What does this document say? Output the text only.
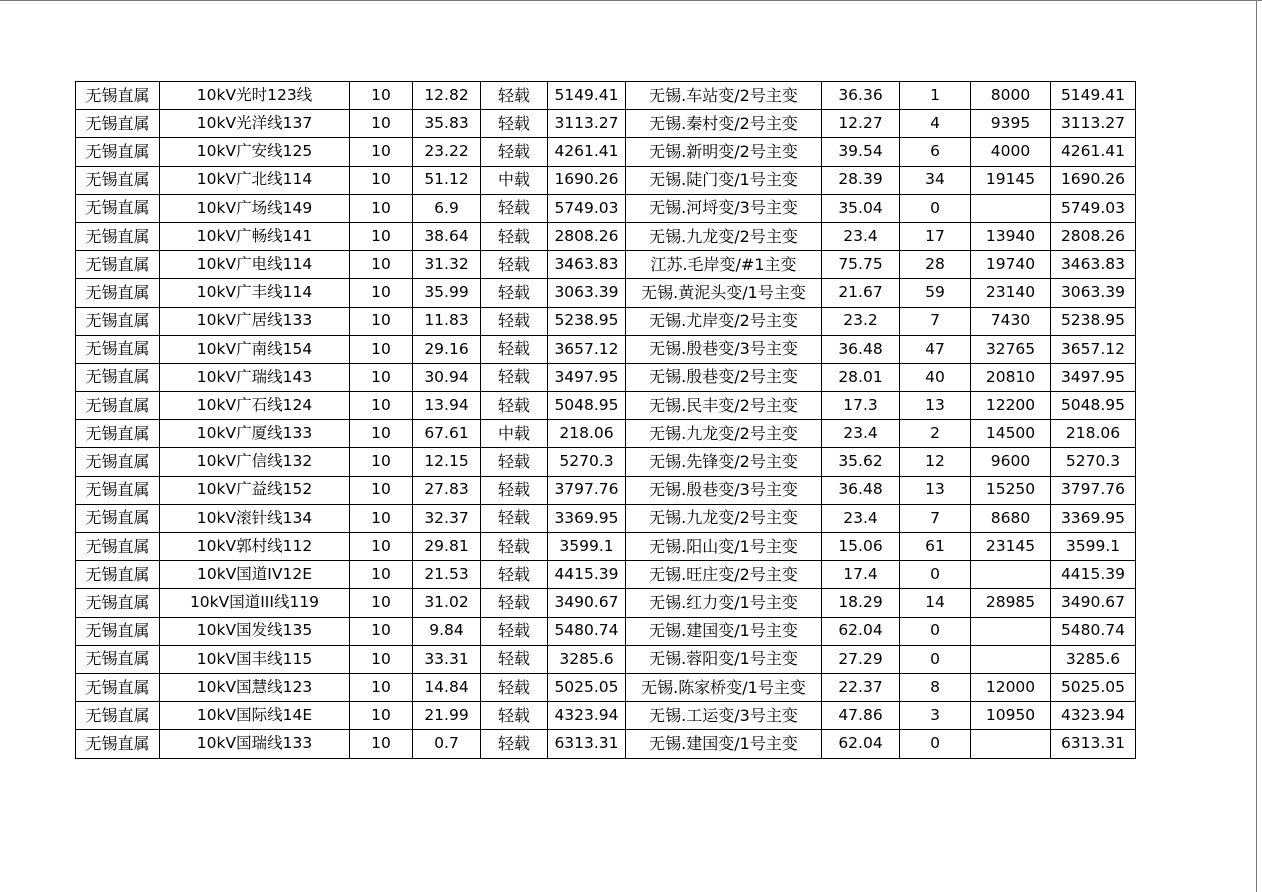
无锡直属	10kV光时123线	10	12.82	轻载	5149.41	无锡.车站变/2号主变	36.36	1	8000	5149.41
无锡直属	10kV光洋线137	10	35.83	轻载	3113.27	无锡.秦村变/2号主变	12.27	4	9395	3113.27
无锡直属	10kV广安线125	10	23.22	轻载	4261.41	无锡.新明变/2号主变	39.54	6	4000	4261.41
无锡直属	10kV广北线114	10	51.12	中载	1690.26	无锡.陡门变/1号主变	28.39	34	19145	1690.26
无锡直属	10kV广场线149	10	6.9	轻载	5749.03	无锡.河埒变/3号主变	35.04	0		5749.03
无锡直属	10kV广畅线141	10	38.64	轻载	2808.26	无锡.九龙变/2号主变	23.4	17	13940	2808.26
无锡直属	10kV广电线114	10	31.32	轻载	3463.83	江苏.毛岸变/#1主变	75.75	28	19740	3463.83
无锡直属	10kV广丰线114	10	35.99	轻载	3063.39	无锡.黄泥头变/1号主变	21.67	59	23140	3063.39
无锡直属	10kV广居线133	10	11.83	轻载	5238.95	无锡.尤岸变/2号主变	23.2	7	7430	5238.95
无锡直属	10kV广南线154	10	29.16	轻载	3657.12	无锡.殷巷变/3号主变	36.48	47	32765	3657.12
无锡直属	10kV广瑞线143	10	30.94	轻载	3497.95	无锡.殷巷变/2号主变	28.01	40	20810	3497.95
无锡直属	10kV广石线124	10	13.94	轻载	5048.95	无锡.民丰变/2号主变	17.3	13	12200	5048.95
无锡直属	10kV广厦线133	10	67.61	中载	218.06	无锡.九龙变/2号主变	23.4	2	14500	218.06
无锡直属	10kV广信线132	10	12.15	轻载	5270.3	无锡.先锋变/2号主变	35.62	12	9600	5270.3
无锡直属	10kV广益线152	10	27.83	轻载	3797.76	无锡.殷巷变/3号主变	36.48	13	15250	3797.76
无锡直属	10kV滚针线134	10	32.37	轻载	3369.95	无锡.九龙变/2号主变	23.4	7	8680	3369.95
无锡直属	10kV郭村线112	10	29.81	轻载	3599.1	无锡.阳山变/1号主变	15.06	61	23145	3599.1
无锡直属	10kV国道IV12E	10	21.53	轻载	4415.39	无锡.旺庄变/2号主变	17.4	0		4415.39
无锡直属	10kV国道III线119	10	31.02	轻载	3490.67	无锡.红力变/1号主变	18.29	14	28985	3490.67
无锡直属	10kV国发线135	10	9.84	轻载	5480.74	无锡.建国变/1号主变	62.04	0		5480.74
无锡直属	10kV国丰线115	10	33.31	轻载	3285.6	无锡.蓉阳变/1号主变	27.29	0		3285.6
无锡直属	10kV国慧线123	10	14.84	轻载	5025.05	无锡.陈家桥变/1号主变	22.37	8	12000	5025.05
无锡直属	10kV国际线14E	10	21.99	轻载	4323.94	无锡.工运变/3号主变	47.86	3	10950	4323.94
无锡直属	10kV国瑞线133	10	0.7	轻载	6313.31	无锡.建国变/1号主变	62.04	0		6313.31
